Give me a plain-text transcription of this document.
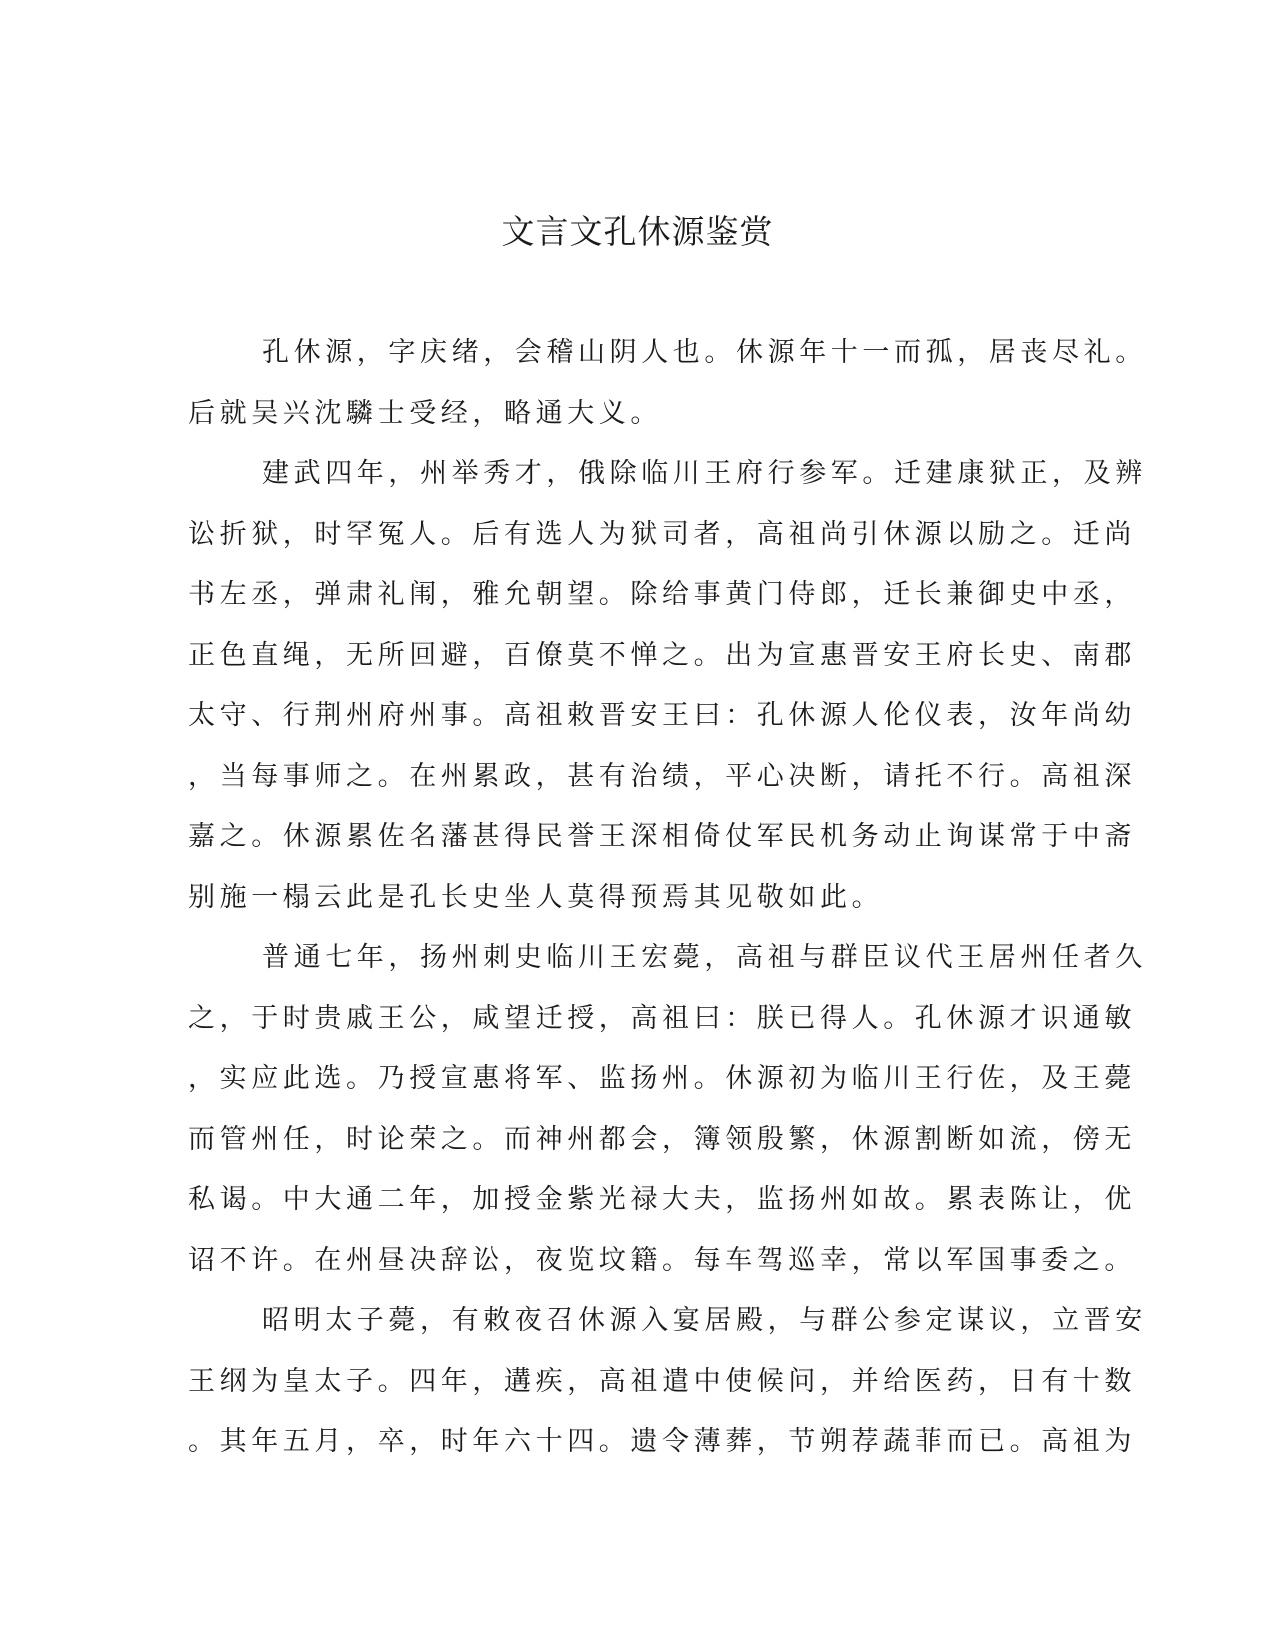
文言文孔休源鉴赏
孔休源，字庆绪，会稽山阴人也。休源年十一而孤，居丧尽礼。
后就吴兴沈驎士受经，略通大义。
建武四年，州举秀才，俄除临川王府行参军。迁建康狱正，及辨
讼折狱，时罕冤人。后有选人为狱司者，高祖尚引休源以励之。迁尚
书左丞，弹肃礼闱，雅允朝望。除给事黄门侍郎，迁长兼御史中丞，
正色直绳，无所回避，百僚莫不惮之。出为宣惠晋安王府长史、南郡
太守、行荆州府州事。高祖敕晋安王曰：孔休源人伦仪表，汝年尚幼
，当每事师之。在州累政，甚有治绩，平心决断，请托不行。高祖深
嘉之。休源累佐名藩甚得民誉王深相倚仗军民机务动止询谋常于中斋
别施一榻云此是孔长史坐人莫得预焉其见敬如此。
普通七年，扬州刺史临川王宏薨，高祖与群臣议代王居州任者久
之，于时贵戚王公，咸望迁授，高祖曰：朕已得人。孔休源才识通敏
，实应此选。乃授宣惠将军、监扬州。休源初为临川王行佐，及王薨
而管州任，时论荣之。而神州都会，簿领殷繁，休源割断如流，傍无
私谒。中大通二年，加授金紫光禄大夫，监扬州如故。累表陈让，优
诏不许。在州昼决辞讼，夜览坟籍。每车驾巡幸，常以军国事委之。
昭明太子薨，有敕夜召休源入宴居殿，与群公参定谋议，立晋安
王纲为皇太子。四年，遘疾，高祖遣中使候问，并给医药，日有十数
。其年五月，卒，时年六十四。遗令薄葬，节朔荐蔬菲而已。高祖为
